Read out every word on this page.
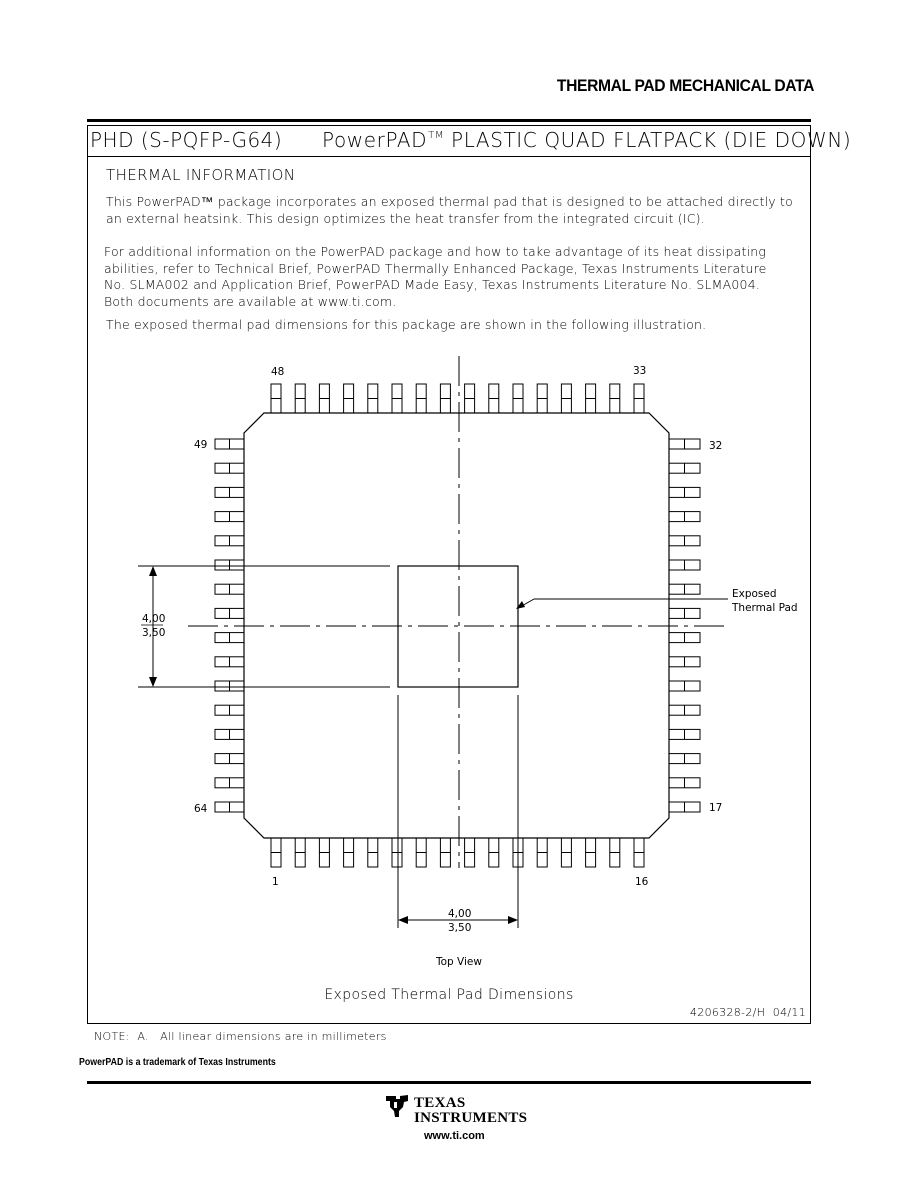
THERMAL PAD MECHANICAL DATA
PHD (S-PQFP-G64) PowerPAD™ PLASTIC QUAD FLATPACK (DIE DOWN)
THERMAL INFORMATION
This PowerPAD™ package incorporates an exposed thermal pad that is designed to be attached directly to
an external heatsink. This design optimizes the heat transfer from the integrated circuit (IC).
For additional information on the PowerPAD package and how to take advantage of its heat dissipating
abilities, refer to Technical Brief, PowerPAD Thermally Enhanced Package, Texas Instruments Literature
No. SLMA002 and Application Brief, PowerPAD Made Easy, Texas Instruments Literature No. SLMA004.
Both documents are available at www.ti.com.
The exposed thermal pad dimensions for this package are shown in the following illustration.
48	33
49	32
64	17
1	16
4,00
3,50
4,00
3,50
Exposed
Thermal Pad
Top View
Exposed Thermal Pad Dimensions
4206328-2/H  04/11
NOTE:  A.   All linear dimensions are in millimeters
PowerPAD is a trademark of Texas Instruments
TEXAS
INSTRUMENTS
www.ti.com
